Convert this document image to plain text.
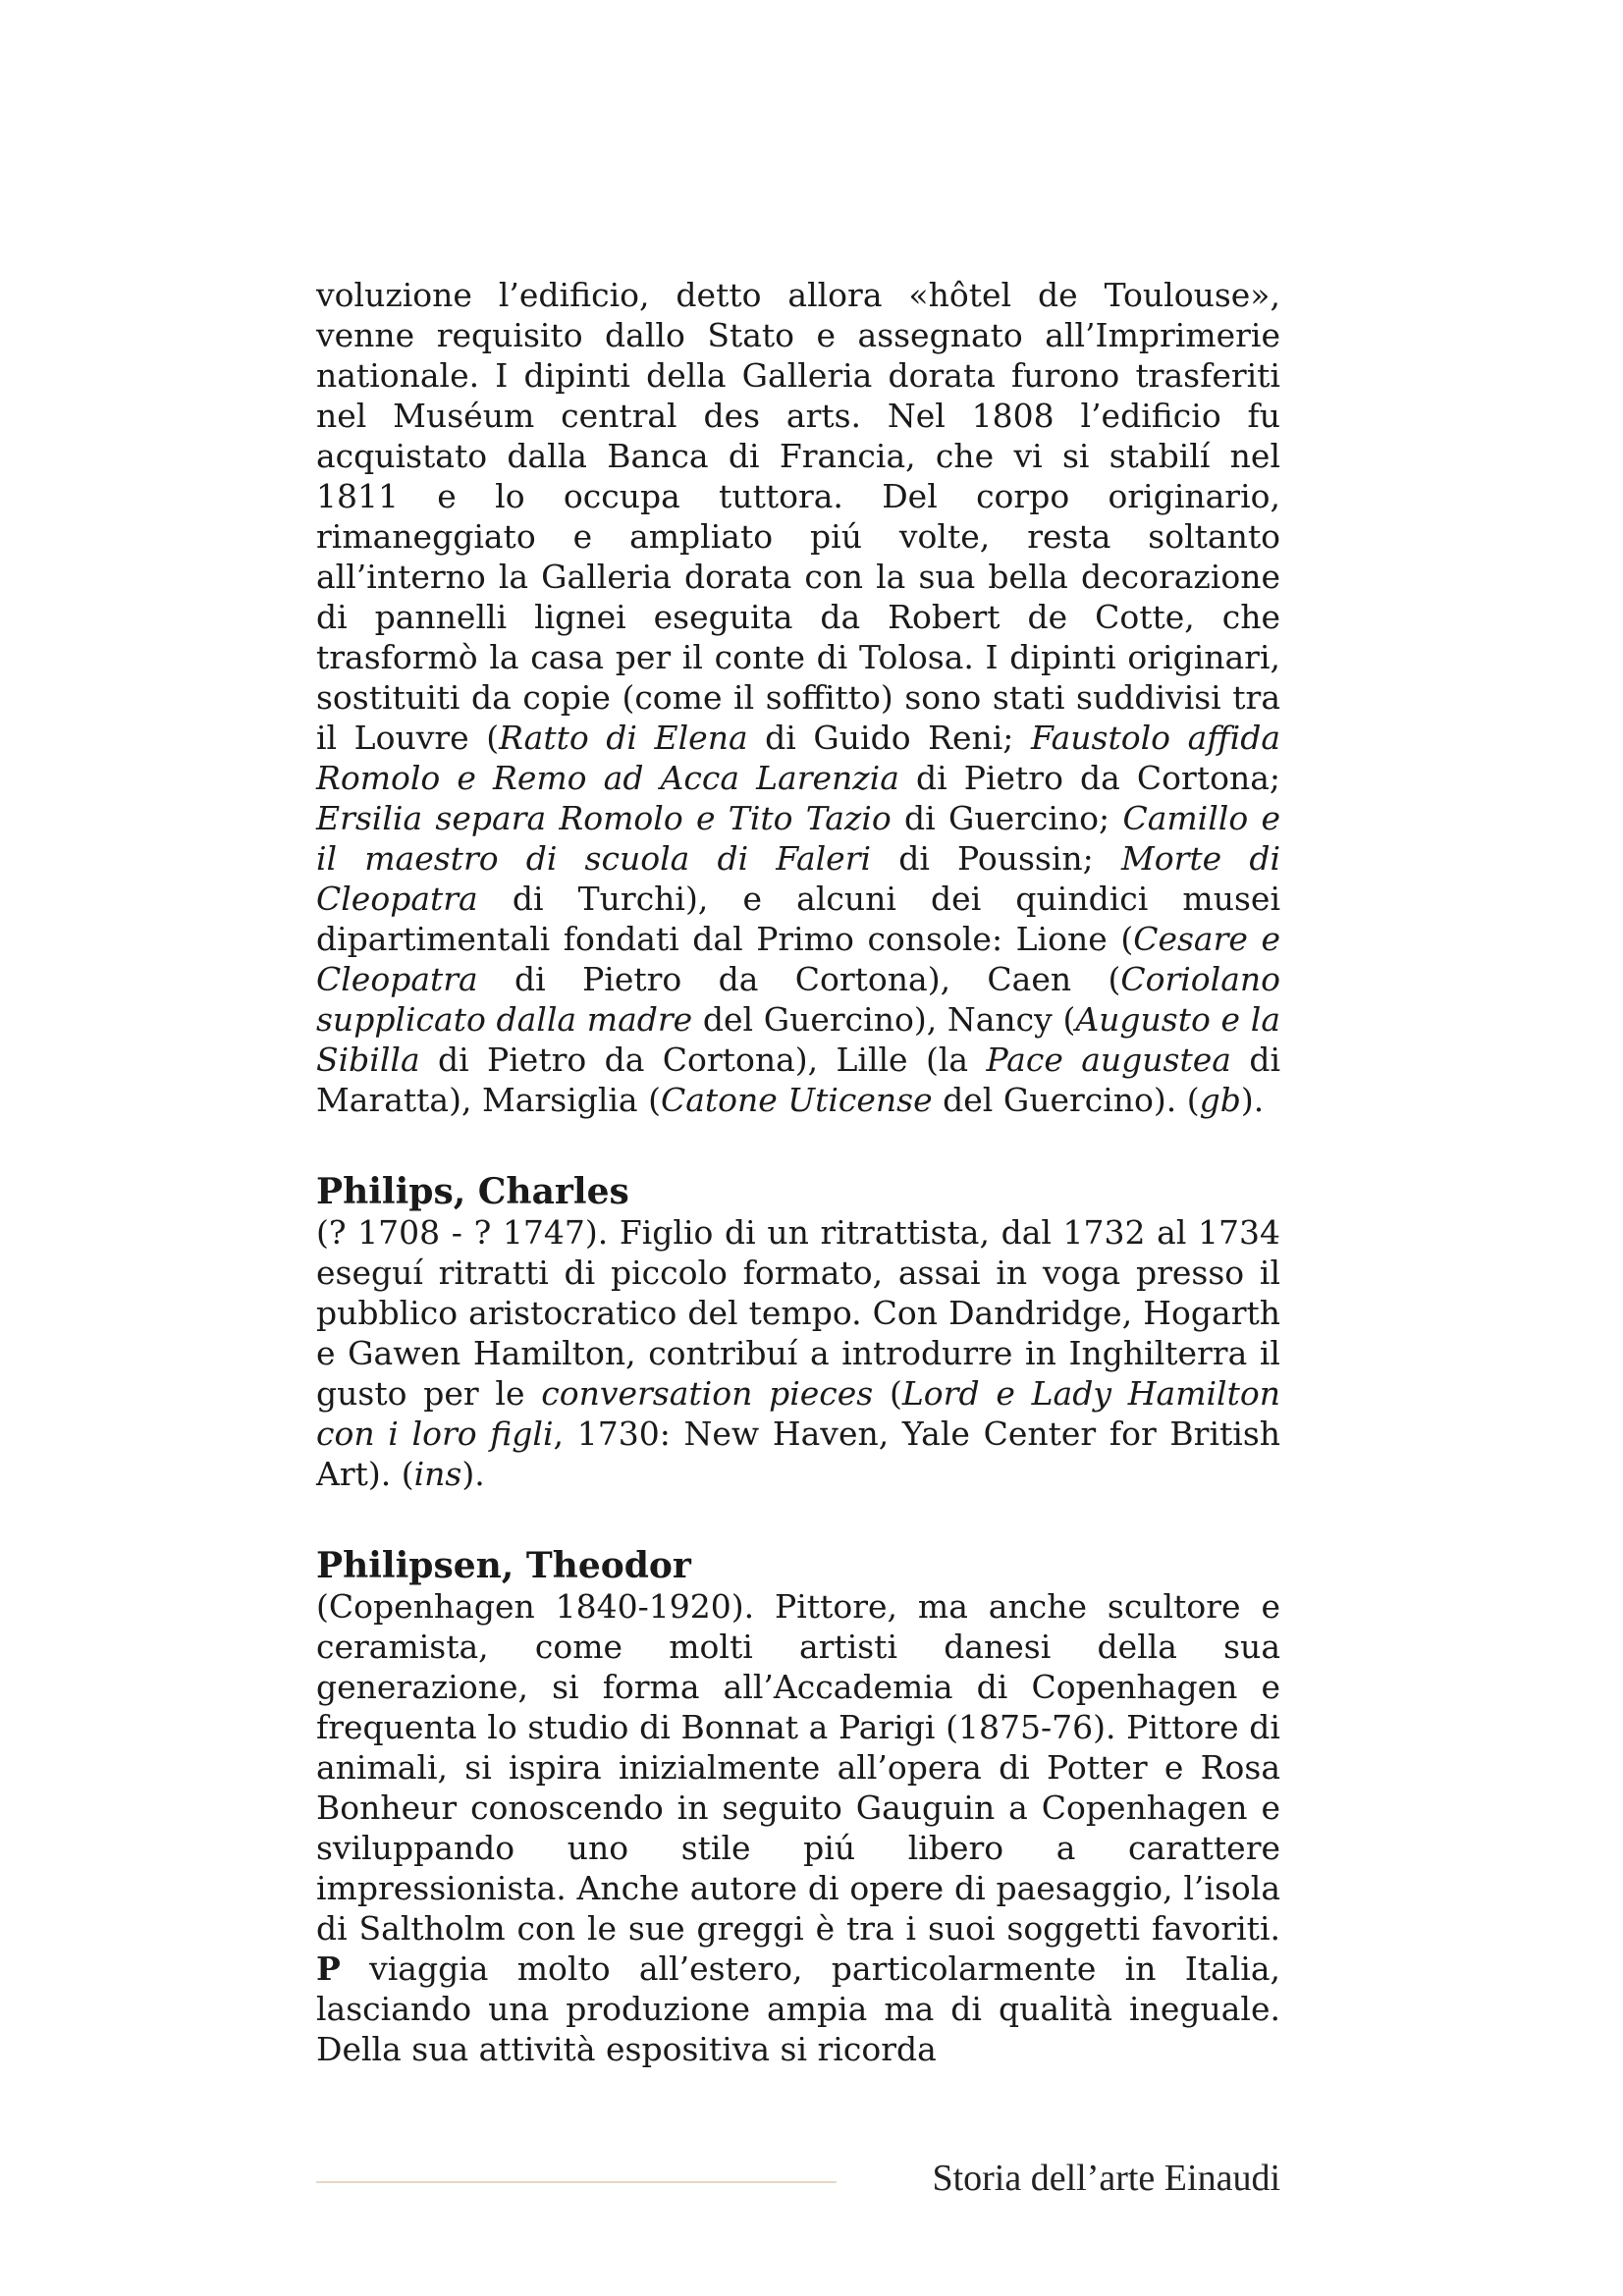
voluzione l’edificio, detto allora «hôtel de Toulouse», venne requisito dallo Stato e assegnato all’Imprimerie nationale. I dipinti della Galleria dorata furono trasferiti nel Muséum central des arts. Nel 1808 l’edificio fu acquistato dalla Banca di Francia, che vi si stabilí nel 1811 e lo occupa tuttora. Del corpo originario, rimaneggiato e ampliato piú volte, resta soltanto all’interno la Galleria dorata con la sua bella decorazione di pannelli lignei eseguita da Robert de Cotte, che trasformò la casa per il conte di Tolosa. I dipinti originari, sostituiti da copie (come il soffitto) sono stati suddivisi tra il Louvre (Ratto di Elena di Guido Reni; Faustolo affida Romolo e Remo ad Acca Larenzia di Pietro da Cortona; Ersilia separa Romolo e Tito Tazio di Guercino; Camillo e il maestro di scuola di Faleri di Poussin; Morte di Cleopatra di Turchi), e alcuni dei quindici musei dipartimentali fondati dal Primo console: Lione (Cesare e Cleopatra di Pietro da Cortona), Caen (Coriolano supplicato dalla madre del Guercino), Nancy (Augusto e la Sibilla di Pietro da Cortona), Lille (la Pace augustea di Maratta), Marsiglia (Catone Uticense del Guercino). (gb).

Philips, Charles

(? 1708 - ? 1747). Figlio di un ritrattista, dal 1732 al 1734 eseguí ritratti di piccolo formato, assai in voga presso il pubblico aristocratico del tempo. Con Dandridge, Hogarth e Gawen Hamilton, contribuí a introdurre in Inghilterra il gusto per le conversation pieces (Lord e Lady Hamilton con i loro figli, 1730: New Haven, Yale Center for British Art). (ins).

Philipsen, Theodor

(Copenhagen 1840-1920). Pittore, ma anche scultore e ceramista, come molti artisti danesi della sua generazione, si forma all’Accademia di Copenhagen e frequenta lo studio di Bonnat a Parigi (1875-76). Pittore di animali, si ispira inizialmente all’opera di Potter e Rosa Bonheur conoscendo in seguito Gauguin a Copenhagen e sviluppando uno stile piú libero a carattere impressionista. Anche autore di opere di paesaggio, l’isola di Saltholm con le sue greggi è tra i suoi soggetti favoriti. P viaggia molto all’estero, particolarmente in Italia, lasciando una produzione ampia ma di qualità ineguale. Della sua attività espositiva si ricorda

Storia dell’arte Einaudi
